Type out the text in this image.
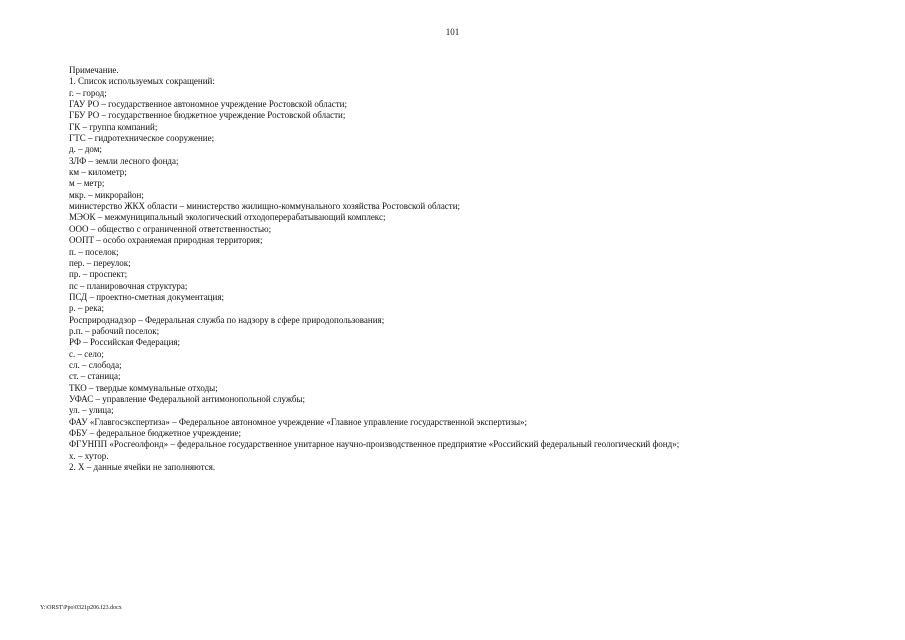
101
Примечание.
1. Список используемых сокращений:
г. – город;
ГАУ РО – государственное автономное учреждение Ростовской области;
ГБУ РО – государственное бюджетное учреждение Ростовской области;
ГК – группа компаний;
ГТС – гидротехническое сооружение;
д. – дом;
ЗЛФ – земли лесного фонда;
км – километр;
м – метр;
мкр. – микрорайон;
министерство ЖКХ области – министерство жилищно-коммунального хозяйства Ростовской области;
МЭОК – межмуниципальный экологический отходоперерабатывающий комплекс;
ООО – общество с ограниченной ответственностью;
ООПТ – особо охраняемая природная территория;
п. – поселок;
пер. – переулок;
пр. – проспект;
пс – планировочная структура;
ПСД – проектно-сметная документация;
р. – река;
Росприроднадзор – Федеральная служба по надзору в сфере природопользования;
р.п. – рабочий поселок;
РФ – Российская Федерация;
с. – село;
сл. – слобода;
ст. – станица;
ТКО – твердые коммунальные отходы;
УФАС – управление Федеральной антимонопольной службы;
ул. – улица;
ФАУ «Главгосэкспертиза» – Федеральное автономное учреждение «Главное управление государственной экспертизы»;
ФБУ – федеральное бюджетное учреждение;
ФГУНПП «Росгеолфонд» – федеральное государственное унитарное научно-производственное предприятие «Российский федеральный геологический фонд»;
х. – хутор.
2. Х – данные ячейки не заполняются.
Y:\ORST\Ppo\0321p206.f23.docx
